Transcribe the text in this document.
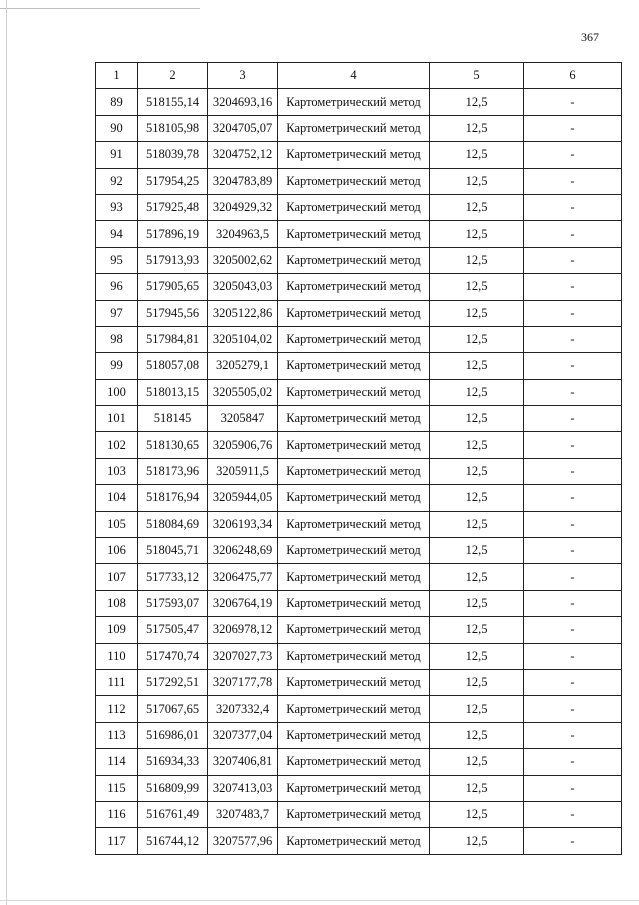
367
1	2	3	4	5	6
89	518155,14	3204693,16	Картометрический метод	12,5	-
90	518105,98	3204705,07	Картометрический метод	12,5	-
91	518039,78	3204752,12	Картометрический метод	12,5	-
92	517954,25	3204783,89	Картометрический метод	12,5	-
93	517925,48	3204929,32	Картометрический метод	12,5	-
94	517896,19	3204963,5	Картометрический метод	12,5	-
95	517913,93	3205002,62	Картометрический метод	12,5	-
96	517905,65	3205043,03	Картометрический метод	12,5	-
97	517945,56	3205122,86	Картометрический метод	12,5	-
98	517984,81	3205104,02	Картометрический метод	12,5	-
99	518057,08	3205279,1	Картометрический метод	12,5	-
100	518013,15	3205505,02	Картометрический метод	12,5	-
101	518145	3205847	Картометрический метод	12,5	-
102	518130,65	3205906,76	Картометрический метод	12,5	-
103	518173,96	3205911,5	Картометрический метод	12,5	-
104	518176,94	3205944,05	Картометрический метод	12,5	-
105	518084,69	3206193,34	Картометрический метод	12,5	-
106	518045,71	3206248,69	Картометрический метод	12,5	-
107	517733,12	3206475,77	Картометрический метод	12,5	-
108	517593,07	3206764,19	Картометрический метод	12,5	-
109	517505,47	3206978,12	Картометрический метод	12,5	-
110	517470,74	3207027,73	Картометрический метод	12,5	-
111	517292,51	3207177,78	Картометрический метод	12,5	-
112	517067,65	3207332,4	Картометрический метод	12,5	-
113	516986,01	3207377,04	Картометрический метод	12,5	-
114	516934,33	3207406,81	Картометрический метод	12,5	-
115	516809,99	3207413,03	Картометрический метод	12,5	-
116	516761,49	3207483,7	Картометрический метод	12,5	-
117	516744,12	3207577,96	Картометрический метод	12,5	-
